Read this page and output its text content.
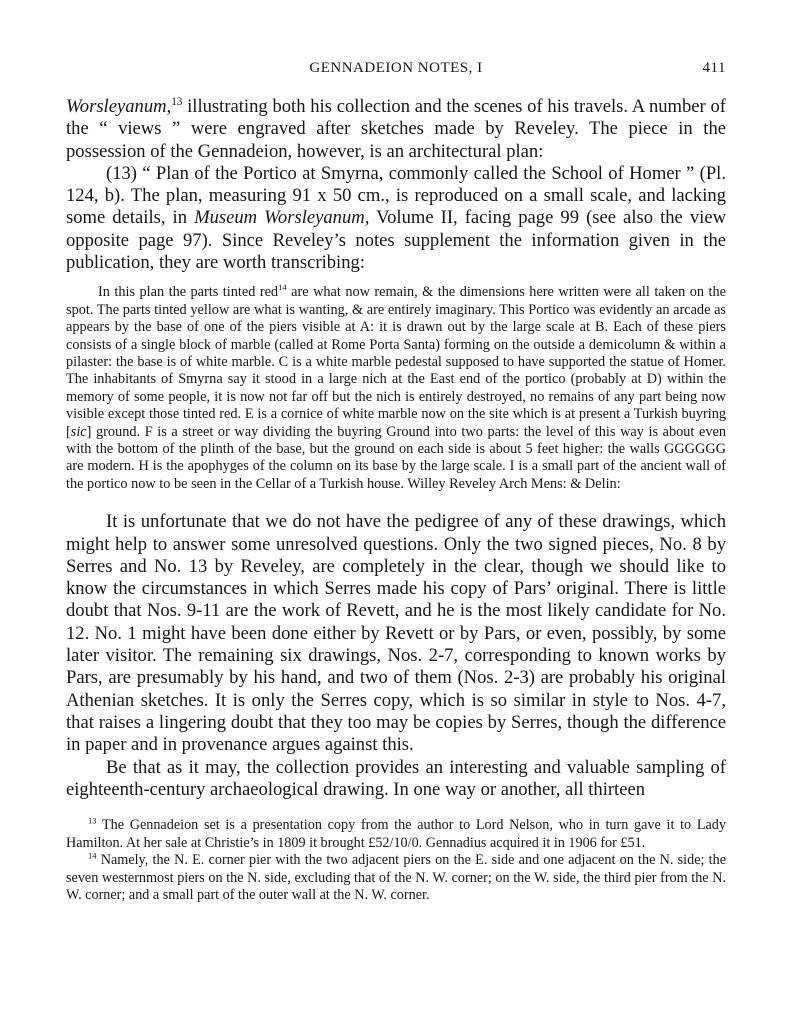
GENNADEION NOTES, I	411

Worsleyanum,$^{13}$ illustrating both his collection and the scenes of his travels. A number of the “ views ” were engraved after sketches made by Reveley. The piece in the possession of the Gennadeion, however, is an architectural plan:

(13) “ Plan of the Portico at Smyrna, commonly called the School of Homer ” (Pl. 124, b). The plan, measuring 91 x 50 cm., is reproduced on a small scale, and lacking some details, in Museum Worsleyanum, Volume II, facing page 99 (see also the view opposite page 97). Since Reveley’s notes supplement the information given in the publication, they are worth transcribing:

In this plan the parts tinted red$^{14}$ are what now remain, & the dimensions here written were all taken on the spot. The parts tinted yellow are what is wanting, & are entirely imaginary. This Portico was evidently an arcade as appears by the base of one of the piers visible at A: it is drawn out by the large scale at B. Each of these piers consists of a single block of marble (called at Rome Porta Santa) forming on the outside a demicolumn & within a pilaster: the base is of white marble. C is a white marble pedestal supposed to have supported the statue of Homer. The inhabitants of Smyrna say it stood in a large nich at the East end of the portico (probably at D) within the memory of some people, it is now not far off but the nich is entirely destroyed, no remains of any part being now visible except those tinted red. E is a cornice of white marble now on the site which is at present a Turkish buyring [sic] ground. F is a street or way dividing the buyring Ground into two parts: the level of this way is about even with the bottom of the plinth of the base, but the ground on each side is about 5 feet higher: the walls GGGGGG are modern. H is the apophyges of the column on its base by the large scale. I is a small part of the ancient wall of the portico now to be seen in the Cellar of a Turkish house. Willey Reveley Arch Mens: & Delin:

It is unfortunate that we do not have the pedigree of any of these drawings, which might help to answer some unresolved questions. Only the two signed pieces, No. 8 by Serres and No. 13 by Reveley, are completely in the clear, though we should like to know the circumstances in which Serres made his copy of Pars’ original. There is little doubt that Nos. 9-11 are the work of Revett, and he is the most likely candidate for No. 12. No. 1 might have been done either by Revett or by Pars, or even, possibly, by some later visitor. The remaining six drawings, Nos. 2-7, corresponding to known works by Pars, are presumably by his hand, and two of them (Nos. 2-3) are probably his original Athenian sketches. It is only the Serres copy, which is so similar in style to Nos. 4-7, that raises a lingering doubt that they too may be copies by Serres, though the difference in paper and in provenance argues against this.

Be that as it may, the collection provides an interesting and valuable sampling of eighteenth-century archaeological drawing. In one way or another, all thirteen

$^{13}$ The Gennadeion set is a presentation copy from the author to Lord Nelson, who in turn gave it to Lady Hamilton. At her sale at Christie’s in 1809 it brought £52/10/0. Gennadius acquired it in 1906 for £51.

$^{14}$ Namely, the N. E. corner pier with the two adjacent piers on the E. side and one adjacent on the N. side; the seven westernmost piers on the N. side, excluding that of the N. W. corner; on the W. side, the third pier from the N. W. corner; and a small part of the outer wall at the N. W. corner.
